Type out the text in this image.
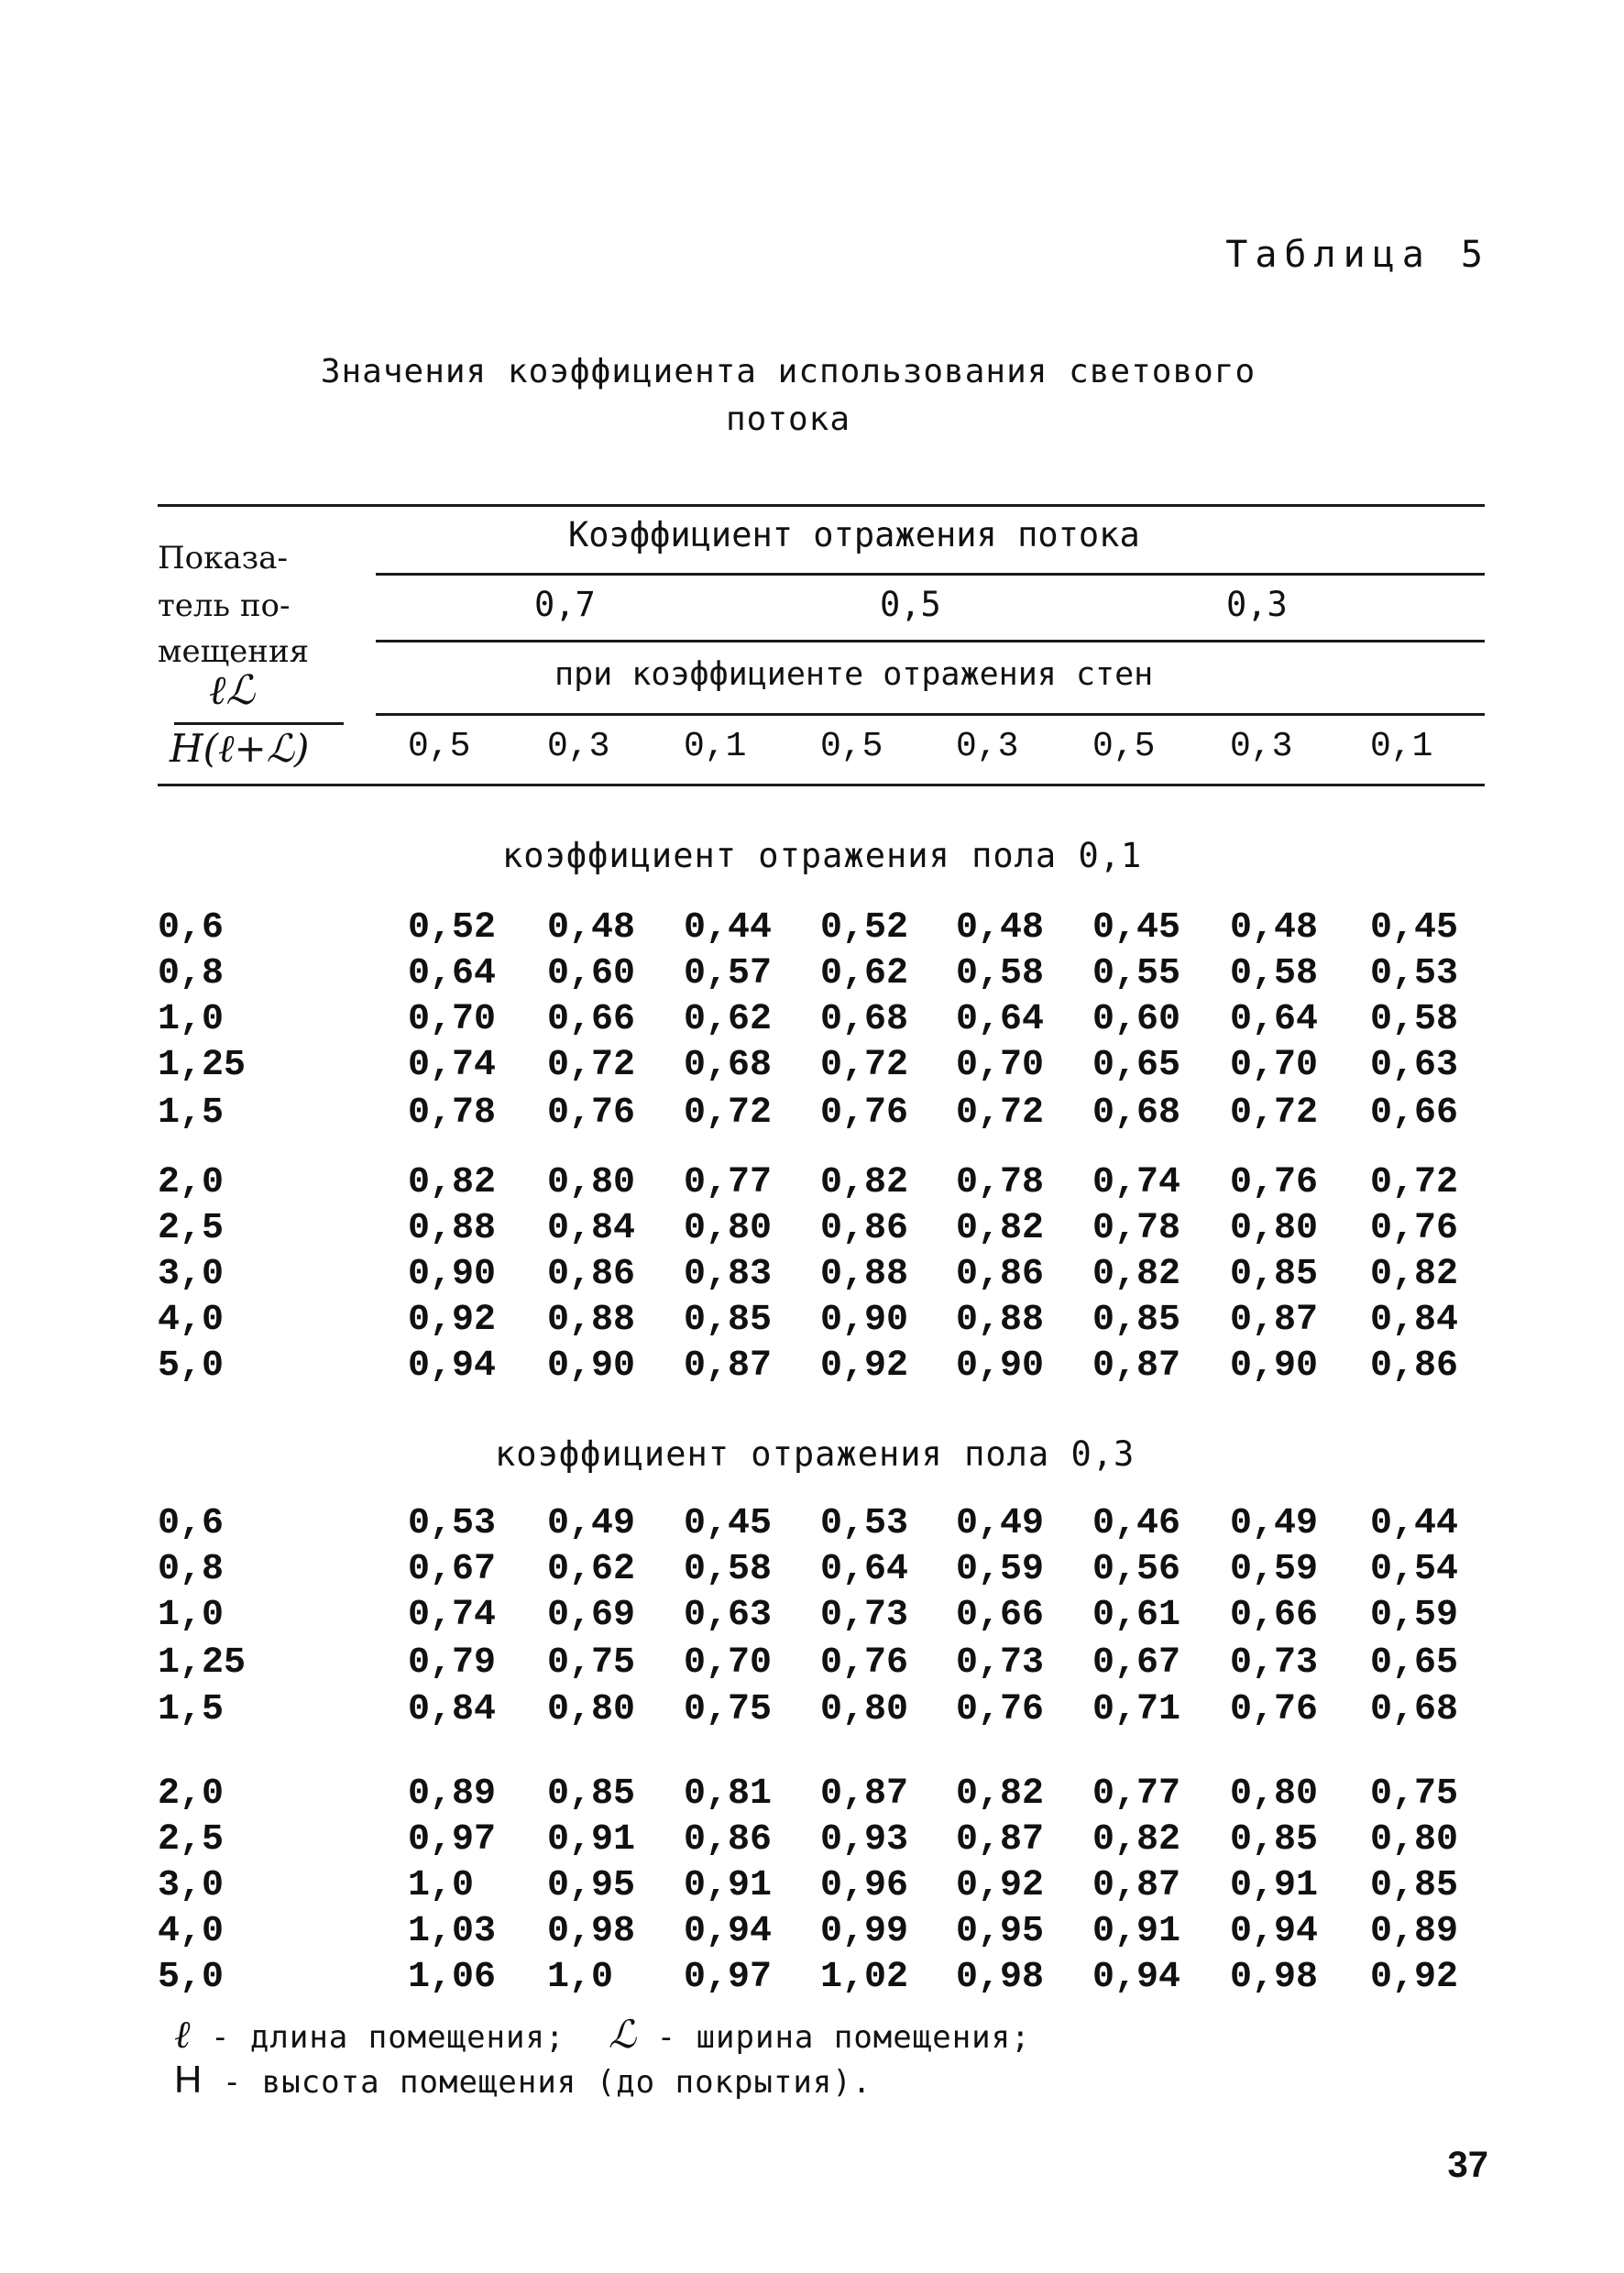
Таблица 5
Значения коэффициента использования светового
потока
Показа-
тель по-
мещения
ℓℒ
H(ℓ+ℒ)
Коэффициент отражения потока
0,7	0,5	0,3
при коэффициенте отражения стен
0,5 0,3 0,1 0,5 0,3 0,5 0,3 0,1
коэффициент отражения пола 0,1
коэффициент отражения пола 0,3
0,6	0,52 0,48 0,44 0,52 0,48 0,45 0,48 0,45
0,8	0,64 0,60 0,57 0,62 0,58 0,55 0,58 0,53
1,0	0,70 0,66 0,62 0,68 0,64 0,60 0,64 0,58
1,25	0,74 0,72 0,68 0,72 0,70 0,65 0,70 0,63
1,5	0,78 0,76 0,72 0,76 0,72 0,68 0,72 0,66
2,0	0,82 0,80 0,77 0,82 0,78 0,74 0,76 0,72
2,5	0,88 0,84 0,80 0,86 0,82 0,78 0,80 0,76
3,0	0,90 0,86 0,83 0,88 0,86 0,82 0,85 0,82
4,0	0,92 0,88 0,85 0,90 0,88 0,85 0,87 0,84
5,0	0,94 0,90 0,87 0,92 0,90 0,87 0,90 0,86
0,6	0,53 0,49 0,45 0,53 0,49 0,46 0,49 0,44
0,8	0,67 0,62 0,58 0,64 0,59 0,56 0,59 0,54
1,0	0,74 0,69 0,63 0,73 0,66 0,61 0,66 0,59
1,25	0,79 0,75 0,70 0,76 0,73 0,67 0,73 0,65
1,5	0,84 0,80 0,75 0,80 0,76 0,71 0,76 0,68
2,0	0,89 0,85 0,81 0,87 0,82 0,77 0,80 0,75
2,5	0,97 0,91 0,86 0,93 0,87 0,82 0,85 0,80
3,0	1,0 0,95 0,91 0,96 0,92 0,87 0,91 0,85
4,0	1,03 0,98 0,94 0,99 0,95 0,91 0,94 0,89
5,0	1,06 1,0 0,97 1,02 0,98 0,94 0,98 0,92
ℓ - длина помещения; ℒ - ширина помещения;
H - высота помещения (до покрытия).
37
